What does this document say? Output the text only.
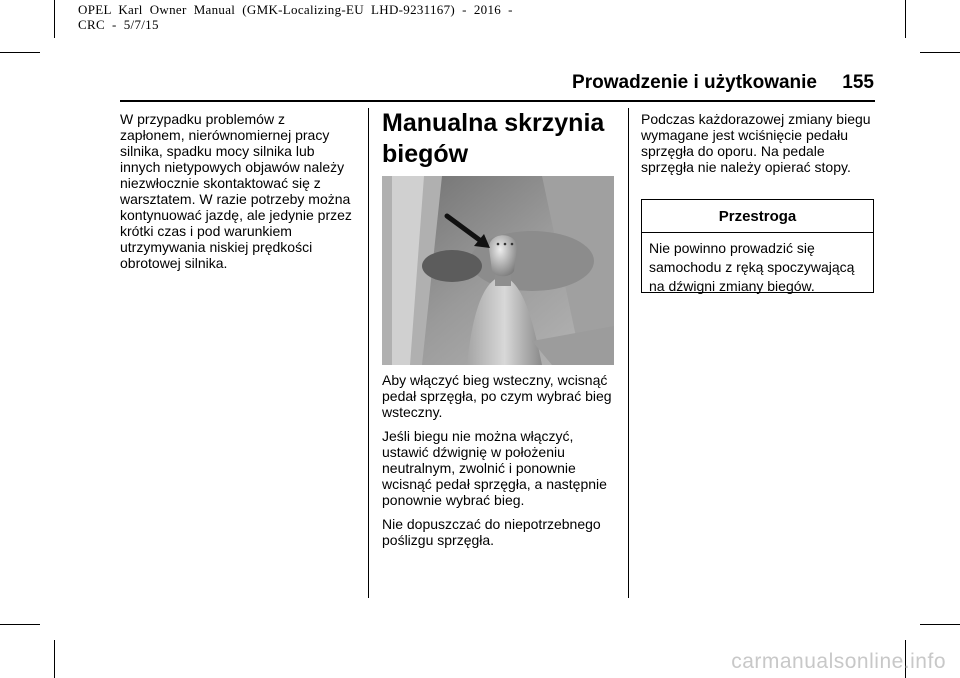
OPEL  Karl  Owner  Manual  (GMK-Localizing-EU  LHD-9231167)  -  2016  -
CRC  -  5/7/15
Prowadzenie i użytkowanie 155

W przypadku problemów z zapłonem, nierównomiernej pracy silnika, spadku mocy silnika lub innych nietypowych objawów należy niezwłocznie skontaktować się z warsztatem. W razie potrzeby można kontynuować jazdę, ale jedynie przez krótki czas i pod warunkiem utrzymywania niskiej prędkości obrotowej silnika.

Manualna skrzynia biegów

Aby włączyć bieg wsteczny, wcisnąć pedał sprzęgła, po czym wybrać bieg wsteczny.

Jeśli biegu nie można włączyć, ustawić dźwignię w położeniu neutralnym, zwolnić i ponownie wcisnąć pedał sprzęgła, a następnie ponownie wybrać bieg.

Nie dopuszczać do niepotrzebnego poślizgu sprzęgła.

Podczas każdorazowej zmiany biegu wymagane jest wciśnięcie pedału sprzęgła do oporu. Na pedale sprzęgła nie należy opierać stopy.

Przestroga
Nie powinno prowadzić się samochodu z ręką spoczywającą na dźwigni zmiany biegów.
carmanualsonline.info
